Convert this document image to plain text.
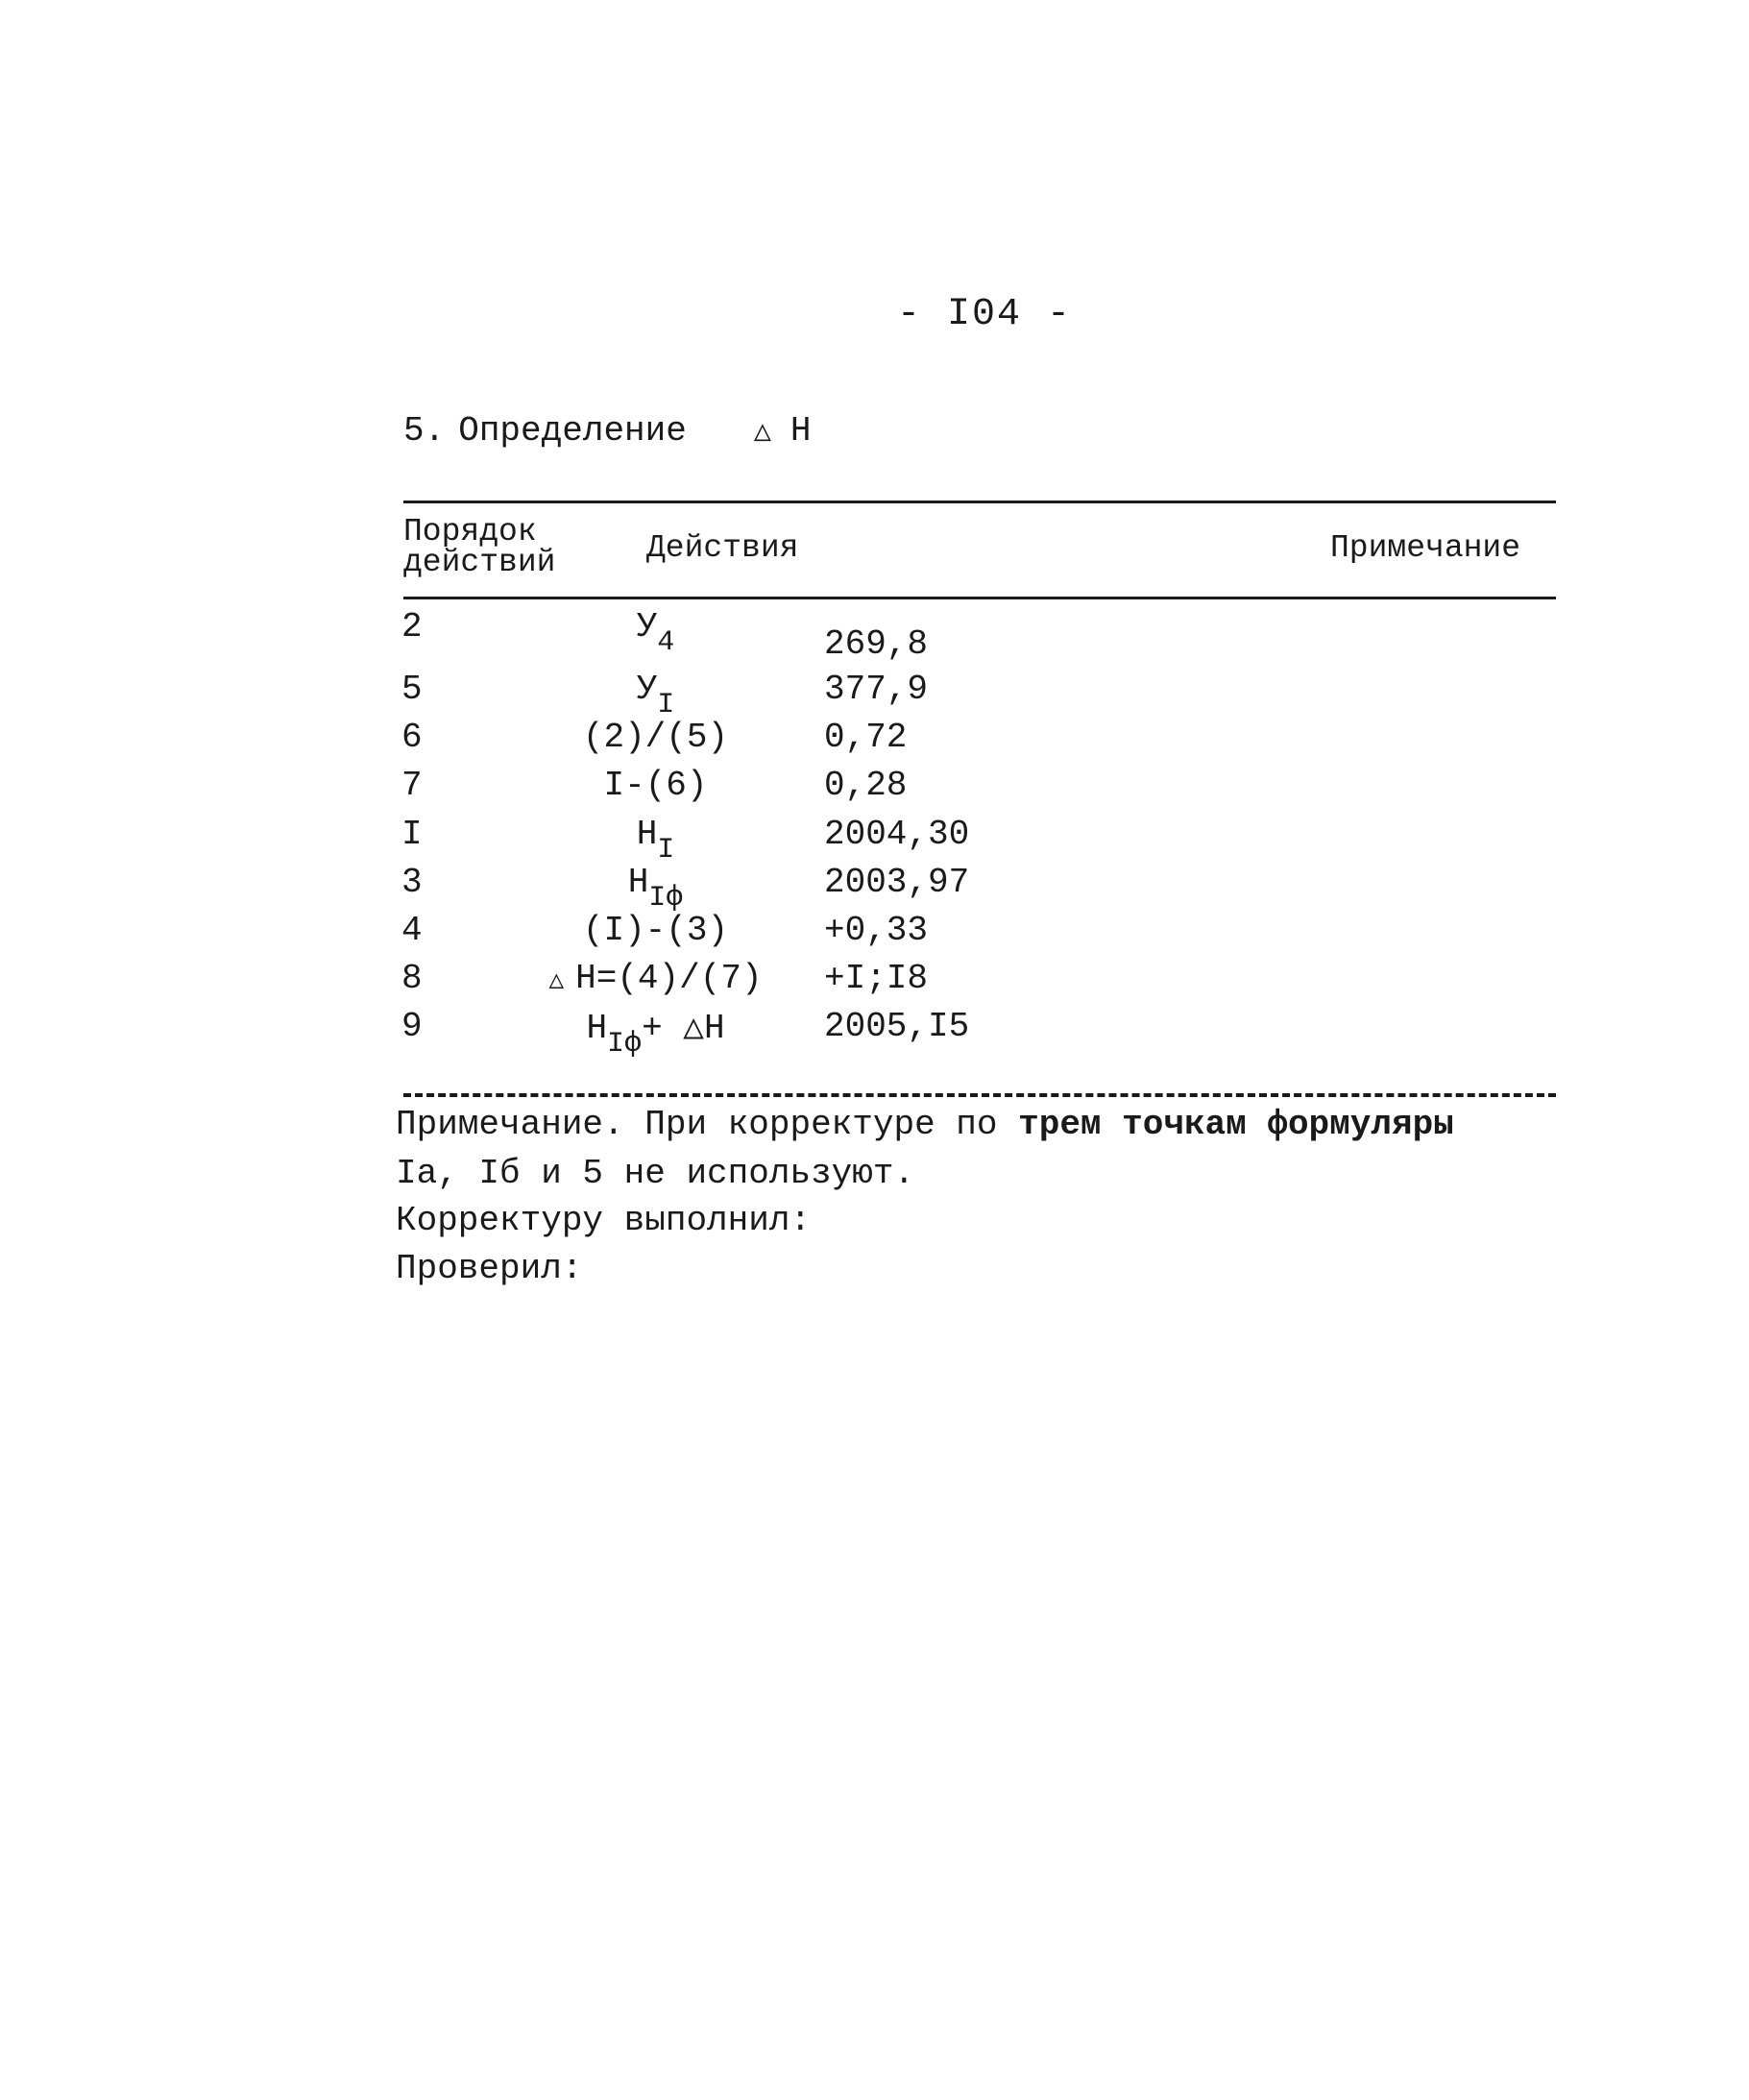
- I04 -
5. Определение △ H
Порядок
действий	Действия	Примечание
2	$У_4$	269,8
5	$У_I$	377,9
6	(2)/(5)	0,72
7	I-(6)	0,28
I	$H_I$	2004,30
3	$H_{Iф}$	2003,97
4	(I)-(3)	+0,33
8	△ H=(4)/(7)	+I;I8
9	$H_{Iф}+$ △H	2005,I5
Примечание. При корректуре по трем точкам формуляры
Iа, Iб и 5 не используют.
Корректуру выполнил:
Проверил:
